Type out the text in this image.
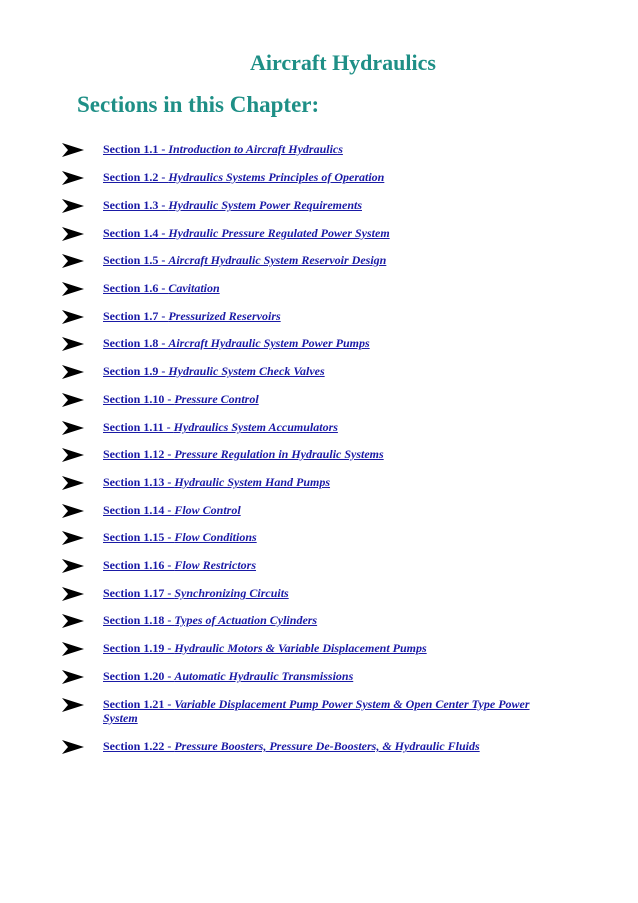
Aircraft Hydraulics
Sections in this Chapter:
Section 1.1 - Introduction to Aircraft Hydraulics
Section 1.2 - Hydraulics Systems Principles of Operation
Section 1.3 - Hydraulic System Power Requirements
Section 1.4 - Hydraulic Pressure Regulated Power System
Section 1.5 - Aircraft Hydraulic System Reservoir Design
Section 1.6 - Cavitation
Section 1.7 - Pressurized Reservoirs
Section 1.8 - Aircraft Hydraulic System Power Pumps
Section 1.9 - Hydraulic System Check Valves
Section 1.10 - Pressure Control
Section 1.11 - Hydraulics System Accumulators
Section 1.12 - Pressure Regulation in Hydraulic Systems
Section 1.13 - Hydraulic System Hand Pumps
Section 1.14 - Flow Control
Section 1.15 - Flow Conditions
Section 1.16 - Flow Restrictors
Section 1.17 - Synchronizing Circuits
Section 1.18 - Types of Actuation Cylinders
Section 1.19 - Hydraulic Motors & Variable Displacement Pumps
Section 1.20 - Automatic Hydraulic Transmissions
Section 1.21 - Variable Displacement Pump Power System & Open Center Type Power System
Section 1.22 - Pressure Boosters, Pressure De-Boosters, & Hydraulic Fluids
